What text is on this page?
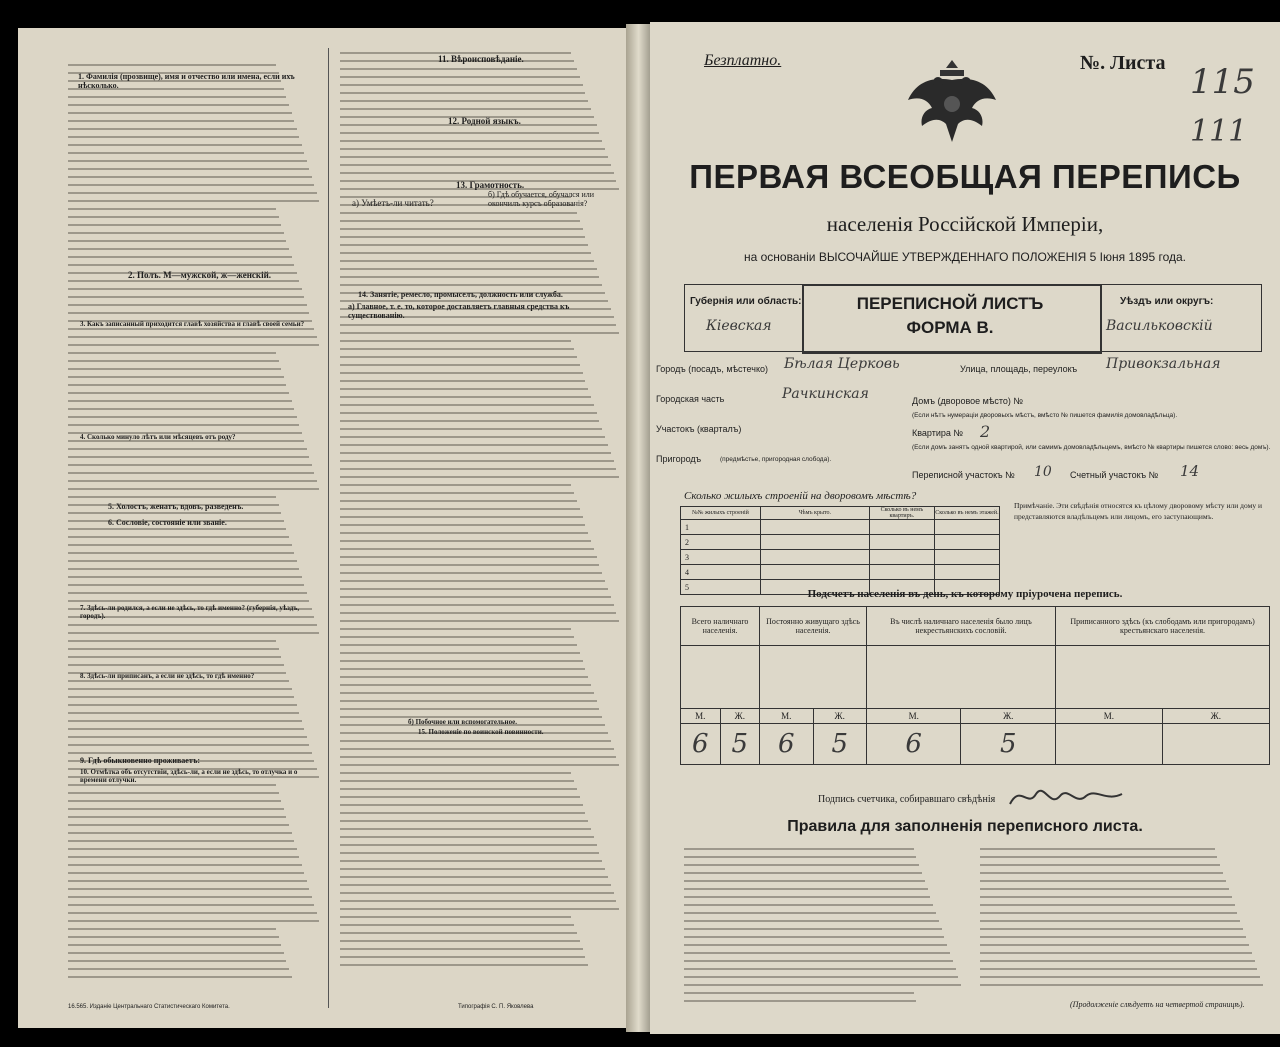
1. Фамилія (прозвище), имя и отчество или имена, если ихъ нѣсколько.
2. Полъ. М—мужской, ж—женскій.
3. Какъ записанный приходится главѣ хозяйства и главѣ своей семьи?
4. Сколько минуло лѣтъ или мѣсяцевъ отъ роду?
5. Холостъ, женатъ, вдовъ, разведенъ.
6. Сословіе, состояніе или званіе.
7. Здѣсь-ли родился, а если не здѣсь, то гдѣ именно? (губернія, уѣздъ, городъ).
8. Здѣсь-ли приписанъ, а если не здѣсь, то гдѣ именно?
9. Гдѣ обыкновенно проживаетъ:
10. Отмѣтка объ отсутствіи, здѣсь-ли, а если не здѣсь, то отлучка и о времени отлучки.
11. Вѣроисповѣданіе.
12. Родной языкъ.
13. Грамотность.
а) Умѣетъ-ли читать?
б) Гдѣ обучается, обучался или окончилъ курсъ образованія?
14. Занятіе, ремесло, промыселъ, должность или служба.
а) Главное, т. е. то, которое доставляетъ главныя средства къ существованію.
б) Побочное или вспомогательное.
15. Положеніе по воинской повинности.
16.565. Изданіе Центральнаго Статистическаго Комитета.	Типографія С. П. Яковлева
Безплатно.	№. Листа 115
111
ПЕРВАЯ ВСЕОБЩАЯ ПЕРЕПИСЬ
населенія Россійской Имперіи,
на основаніи ВЫСОЧАЙШЕ УТВЕРЖДЕННАГО ПОЛОЖЕНІЯ 5 Іюня 1895 года.
Губернія или область:
Кіевская
ПЕРЕПИСНОЙ ЛИСТЪ
ФОРМА В.
Уѣздъ или округъ:
Васильковскій
Городъ (посадъ, мѣстечко) Бѣлая Церковь	Улица, площадь, переулокъ Привокзальная
Городская часть	Рачкинская	Домъ (дворовое мѣсто) №
(Если нѣтъ нумерацiи дворовыхъ мѣстъ, вмѣсто № пишется фамилія домовладѣльца).
Участокъ (кварталъ)	Квартира № 2
(Если домъ занятъ одной квартирой, или самимъ домовладѣльцемъ, вмѣсто № квартиры пишется слово: весь домъ).
Пригородъ	(предмѣстье, пригородная слобода).
Переписной участокъ № 10 Счетный участокъ № 14
Сколько жилыхъ строеній на дворовомъ мѣстѣ?
№№ жилыхъ строеній	Чѣмъ крыто.	Сколько въ немъ квартиръ.	Сколько въ немъ этажей.
1			
2			
3			
4			
5			
Примѣчаніе. Эти свѣдѣнія относятся къ цѣлому дворовому мѣсту или дому и представляются владѣльцемъ или лицомъ, его заступающимъ.
Подсчетъ населенія въ день, къ которому пріурочена перепись.
Всего наличнаго населенія.		Постоянно живущаго здѣсь населенія.		Въ числѣ наличнаго населенія было лицъ некрестьянскихъ сословій.		Приписанного здѣсь (къ слободамъ или пригородамъ) крестьянскаго населенія.	

М.	Ж.	М.	Ж.	М.	Ж.	М.	Ж.
6	5	6	5	6	5		
Подпись счетчика, собиравшаго свѣдѣнія
Правила для заполненія переписного листа.
(Продолженіе слѣдуетъ на четвертой страницѣ).
